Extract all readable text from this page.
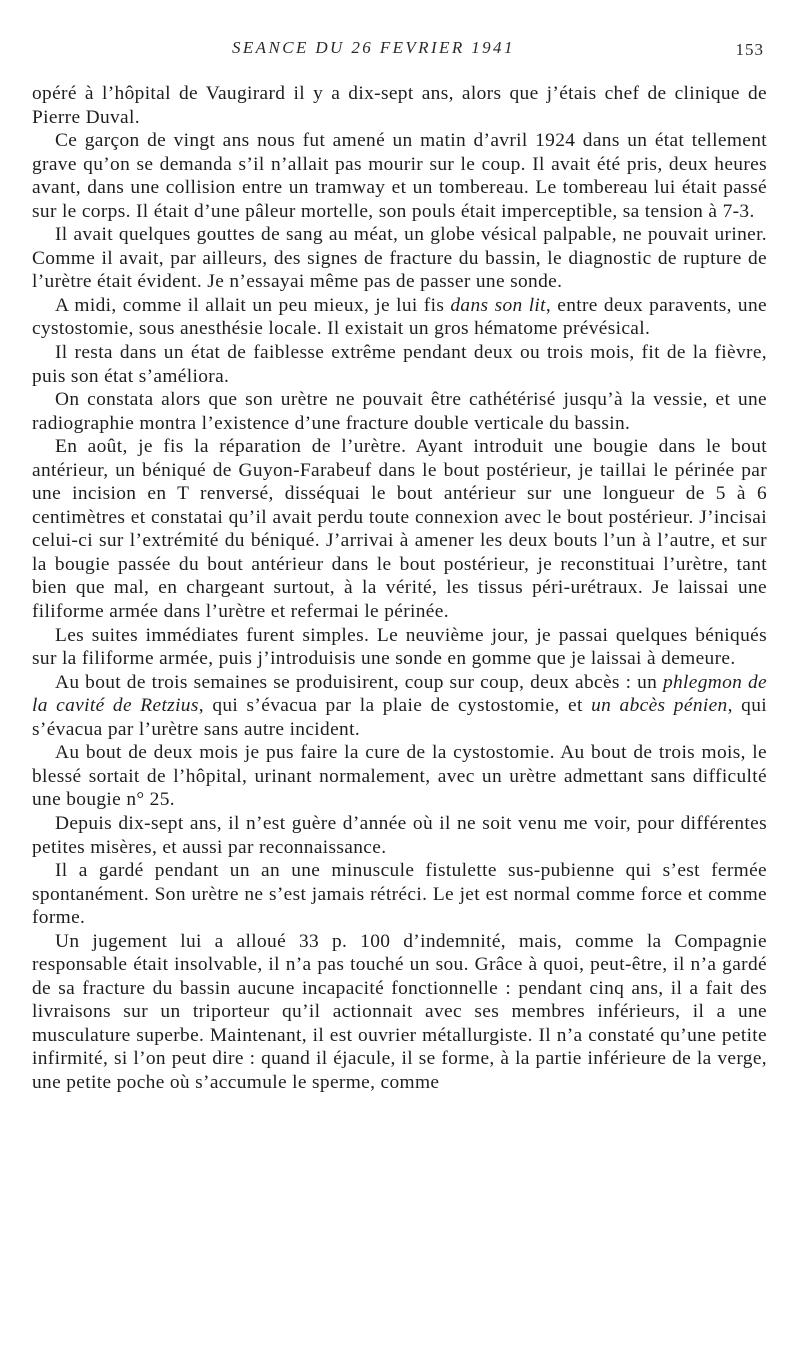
SEANCE DU 26 FEVRIER 1941	153

opéré à l’hôpital de Vaugirard il y a dix-sept ans, alors que j’étais chef de clinique de Pierre Duval.

Ce garçon de vingt ans nous fut amené un matin d’avril 1924 dans un état tellement grave qu’on se demanda s’il n’allait pas mourir sur le coup. Il avait été pris, deux heures avant, dans une collision entre un tramway et un tombereau. Le tombereau lui était passé sur le corps. Il était d’une pâleur mortelle, son pouls était imperceptible, sa tension à 7-3.

Il avait quelques gouttes de sang au méat, un globe vésical palpable, ne pouvait uriner. Comme il avait, par ailleurs, des signes de fracture du bassin, le diagnostic de rupture de l’urètre était évident. Je n’essayai même pas de passer une sonde.

A midi, comme il allait un peu mieux, je lui fis dans son lit, entre deux paravents, une cystostomie, sous anesthésie locale. Il existait un gros hématome prévésical.

Il resta dans un état de faiblesse extrême pendant deux ou trois mois, fit de la fièvre, puis son état s’améliora.

On constata alors que son urètre ne pouvait être cathétérisé jusqu’à la vessie, et une radiographie montra l’existence d’une fracture double verticale du bassin.

En août, je fis la réparation de l’urètre. Ayant introduit une bougie dans le bout antérieur, un béniqué de Guyon-Farabeuf dans le bout postérieur, je taillai le périnée par une incision en T renversé, disséquai le bout antérieur sur une longueur de 5 à 6 centimètres et constatai qu’il avait perdu toute connexion avec le bout postérieur. J’incisai celui-ci sur l’extrémité du béniqué. J’arrivai à amener les deux bouts l’un à l’autre, et sur la bougie passée du bout antérieur dans le bout postérieur, je reconstituai l’urètre, tant bien que mal, en chargeant surtout, à la vérité, les tissus péri-urétraux. Je laissai une filiforme armée dans l’urètre et refermai le périnée.

Les suites immédiates furent simples. Le neuvième jour, je passai quelques béniqués sur la filiforme armée, puis j’introduisis une sonde en gomme que je laissai à demeure.

Au bout de trois semaines se produisirent, coup sur coup, deux abcès : un phlegmon de la cavité de Retzius, qui s’évacua par la plaie de cystostomie, et un abcès pénien, qui s’évacua par l’urètre sans autre incident.

Au bout de deux mois je pus faire la cure de la cystostomie. Au bout de trois mois, le blessé sortait de l’hôpital, urinant normalement, avec un urètre admettant sans difficulté une bougie n° 25.

Depuis dix-sept ans, il n’est guère d’année où il ne soit venu me voir, pour différentes petites misères, et aussi par reconnaissance.

Il a gardé pendant un an une minuscule fistulette sus-pubienne qui s’est fermée spontanément. Son urètre ne s’est jamais rétréci. Le jet est normal comme force et comme forme.

Un jugement lui a alloué 33 p. 100 d’indemnité, mais, comme la Compagnie responsable était insolvable, il n’a pas touché un sou. Grâce à quoi, peut-être, il n’a gardé de sa fracture du bassin aucune incapacité fonctionnelle : pendant cinq ans, il a fait des livraisons sur un triporteur qu’il actionnait avec ses membres inférieurs, il a une musculature superbe. Maintenant, il est ouvrier métallurgiste. Il n’a constaté qu’une petite infirmité, si l’on peut dire : quand il éjacule, il se forme, à la partie inférieure de la verge, une petite poche où s’accumule le sperme, comme
